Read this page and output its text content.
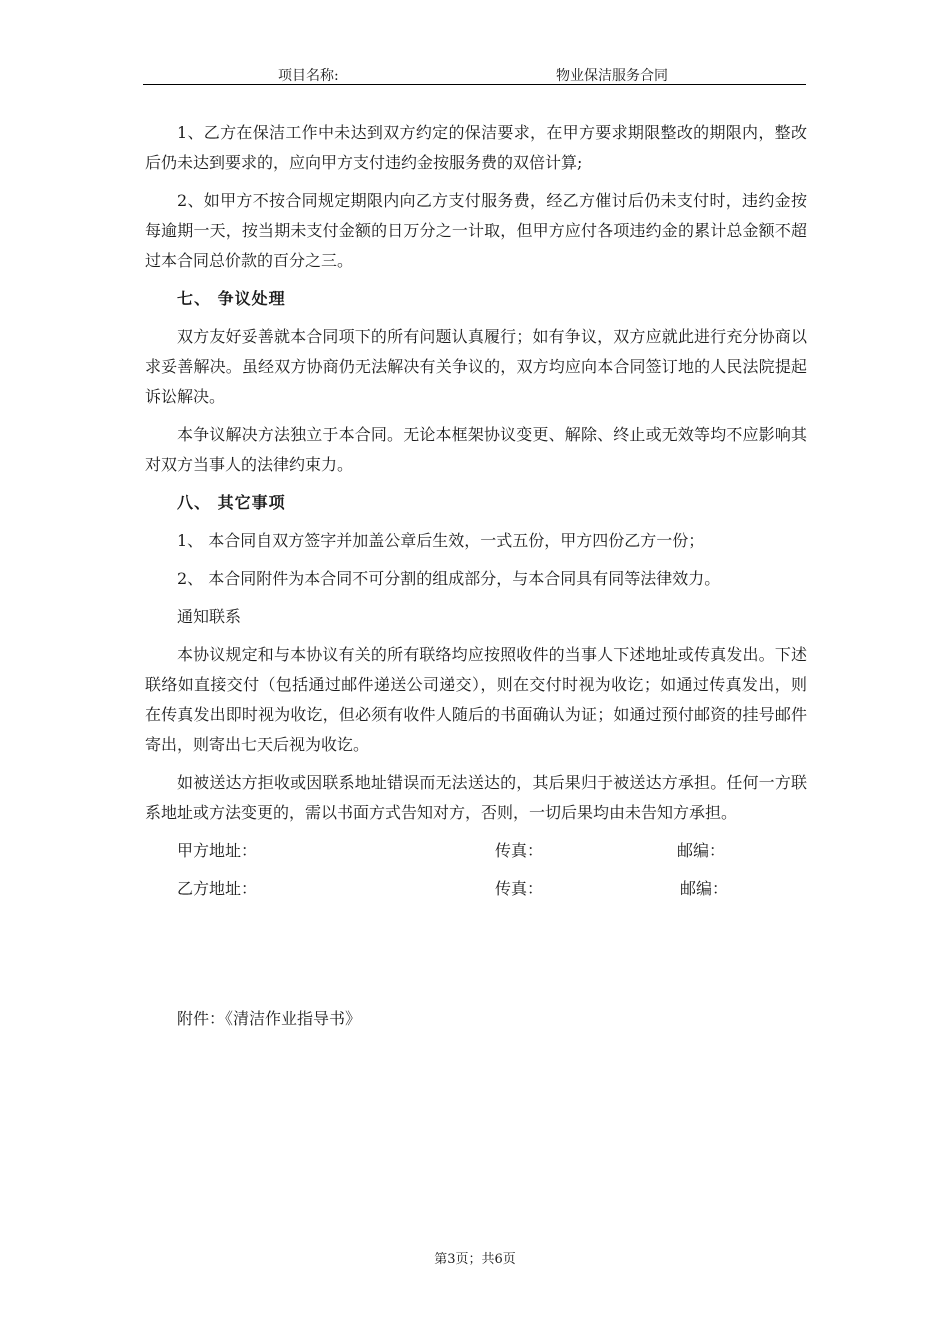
项目名称:	物业保洁服务合同

1、乙方在保洁工作中未达到双方约定的保洁要求，在甲方要求期限整改的期限内，整改后仍未达到要求的，应向甲方支付违约金按服务费的双倍计算;

2、如甲方不按合同规定期限内向乙方支付服务费，经乙方催讨后仍未支付时，违约金按每逾期一天，按当期未支付金额的日万分之一计取，但甲方应付各项违约金的累计总金额不超过本合同总价款的百分之三。

七、 争议处理

双方友好妥善就本合同项下的所有问题认真履行；如有争议，双方应就此进行充分协商以求妥善解决。虽经双方协商仍无法解决有关争议的，双方均应向本合同签订地的人民法院提起诉讼解决。

本争议解决方法独立于本合同。无论本框架协议变更、解除、终止或无效等均不应影响其对双方当事人的法律约束力。

八、 其它事项

1、 本合同自双方签字并加盖公章后生效，一式五份，甲方四份乙方一份；

2、 本合同附件为本合同不可分割的组成部分，与本合同具有同等法律效力。

通知联系

本协议规定和与本协议有关的所有联络均应按照收件的当事人下述地址或传真发出。下述联络如直接交付（包括通过邮件递送公司递交），则在交付时视为收讫；如通过传真发出，则在传真发出即时视为收讫，但必须有收件人随后的书面确认为证；如通过预付邮资的挂号邮件寄出，则寄出七天后视为收讫。

如被送达方拒收或因联系地址错误而无法送达的，其后果归于被送达方承担。任何一方联系地址或方法变更的，需以书面方式告知对方，否则，一切后果均由未告知方承担。

甲方地址：	传真：	邮编：
乙方地址：	传真：	邮编：

附件：《清洁作业指导书》

第3页；共6页
